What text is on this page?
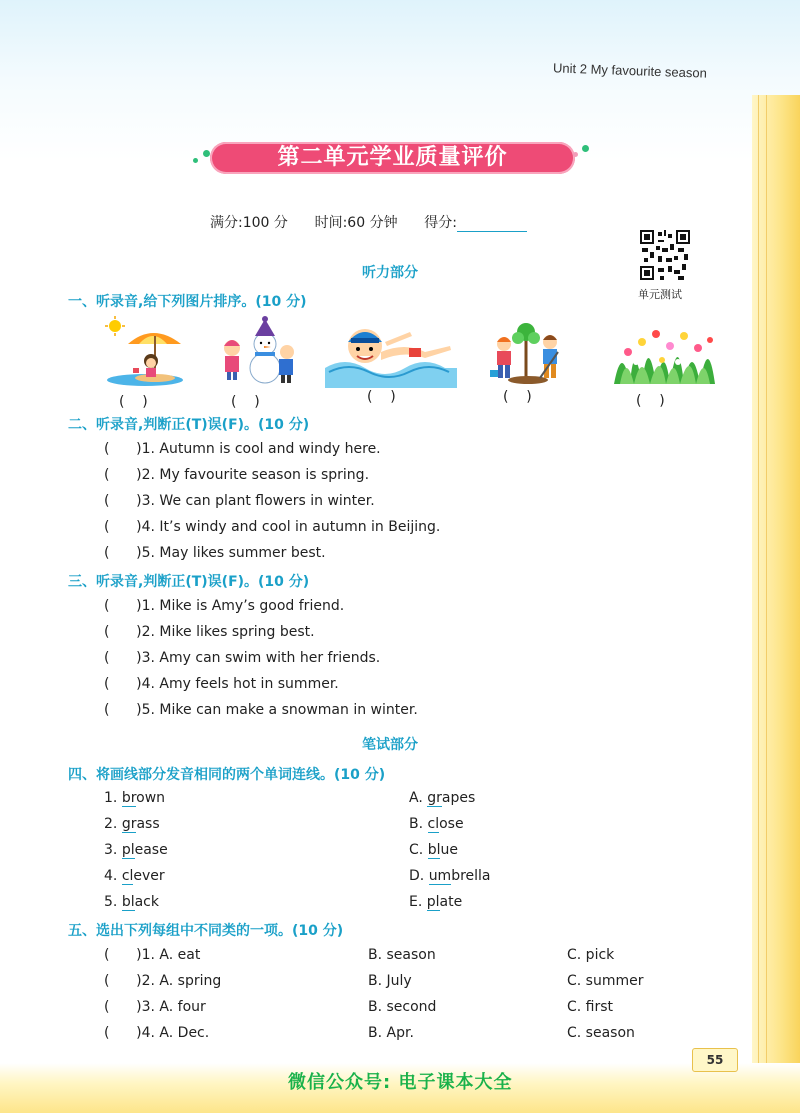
Unit 2 My favourite season
第二单元学业质量评价
满分:100 分 时间:60 分钟 得分:
单元测试
听力部分
一、听录音,给下列图片排序。(10 分)
(    )	(    )	(    )	(    )	(    )
二、听录音,判断正(T)误(F)。(10 分)
(      )1. Autumn is cool and windy here.
(      )2. My favourite season is spring.
(      )3. We can plant flowers in winter.
(      )4. It’s windy and cool in autumn in Beijing.
(      )5. May likes summer best.
三、听录音,判断正(T)误(F)。(10 分)
(      )1. Mike is Amy’s good friend.
(      )2. Mike likes spring best.
(      )3. Amy can swim with her friends.
(      )4. Amy feels hot in summer.
(      )5. Mike can make a snowman in winter.
笔试部分
四、将画线部分发音相同的两个单词连线。(10 分)
1. brown
2. grass
3. please
4. clever
5. black
A. grapes
B. close
C. blue
D. umbrella
E. plate
五、选出下列每组中不同类的一项。(10 分)
(      )1. A. eat	B. season	C. pick
(      )2. A. spring	B. July	C. summer
(      )3. A. four	B. second	C. first
(      )4. A. Dec.	B. Apr.	C. season
55
微信公众号: 电子课本大全
